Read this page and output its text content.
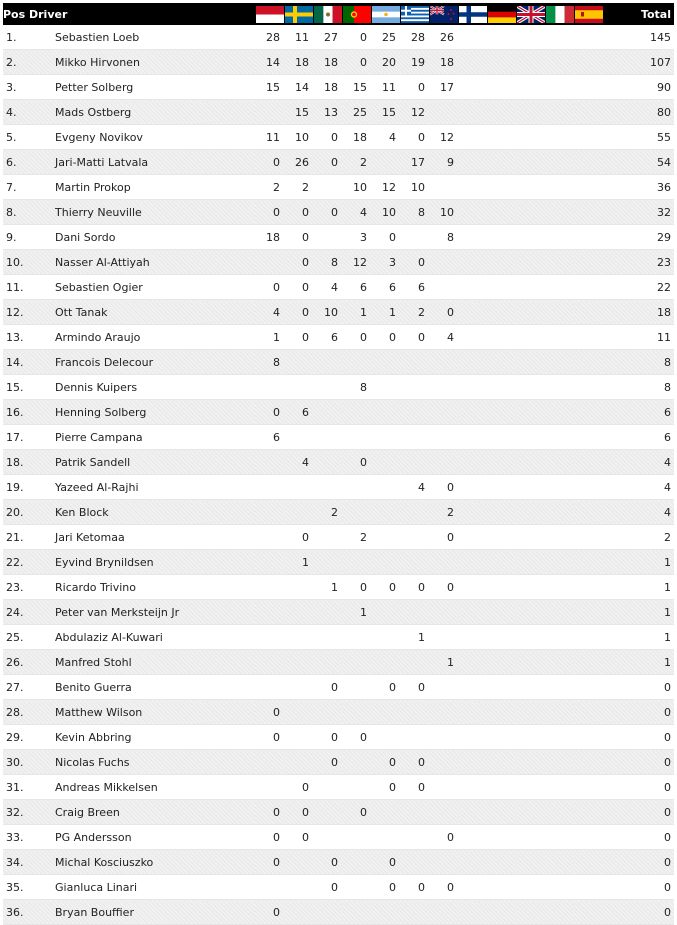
Pos	Driver													Total
1.	Sebastien Loeb	28	11	27	0	25	28	26						145
2.	Mikko Hirvonen	14	18	18	0	20	19	18						107
3.	Petter Solberg	15	14	18	15	11	0	17						90
4.	Mads Ostberg		15	13	25	15	12							80
5.	Evgeny Novikov	11	10	0	18	4	0	12						55
6.	Jari-Matti Latvala	0	26	0	2		17	9						54
7.	Martin Prokop	2	2		10	12	10							36
8.	Thierry Neuville	0	0	0	4	10	8	10						32
9.	Dani Sordo	18	0		3	0		8						29
10.	Nasser Al-Attiyah		0	8	12	3	0							23
11.	Sebastien Ogier	0	0	4	6	6	6							22
12.	Ott Tanak	4	0	10	1	1	2	0						18
13.	Armindo Araujo	1	0	6	0	0	0	4						11
14.	Francois Delecour	8												8
15.	Dennis Kuipers				8									8
16.	Henning Solberg	0	6											6
17.	Pierre Campana	6												6
18.	Patrik Sandell		4		0									4
19.	Yazeed Al-Rajhi						4	0						4
20.	Ken Block			2				2						4
21.	Jari Ketomaa		0		2			0						2
22.	Eyvind Brynildsen		1											1
23.	Ricardo Trivino			1	0	0	0	0						1
24.	Peter van Merksteijn Jr				1									1
25.	Abdulaziz Al-Kuwari						1							1
26.	Manfred Stohl							1						1
27.	Benito Guerra			0		0	0							0
28.	Matthew Wilson	0												0
29.	Kevin Abbring	0		0	0									0
30.	Nicolas Fuchs			0		0	0							0
31.	Andreas Mikkelsen		0			0	0							0
32.	Craig Breen	0	0		0									0
33.	PG Andersson	0	0					0						0
34.	Michal Kosciuszko	0		0		0								0
35.	Gianluca Linari			0		0	0	0						0
36.	Bryan Bouffier	0												0
